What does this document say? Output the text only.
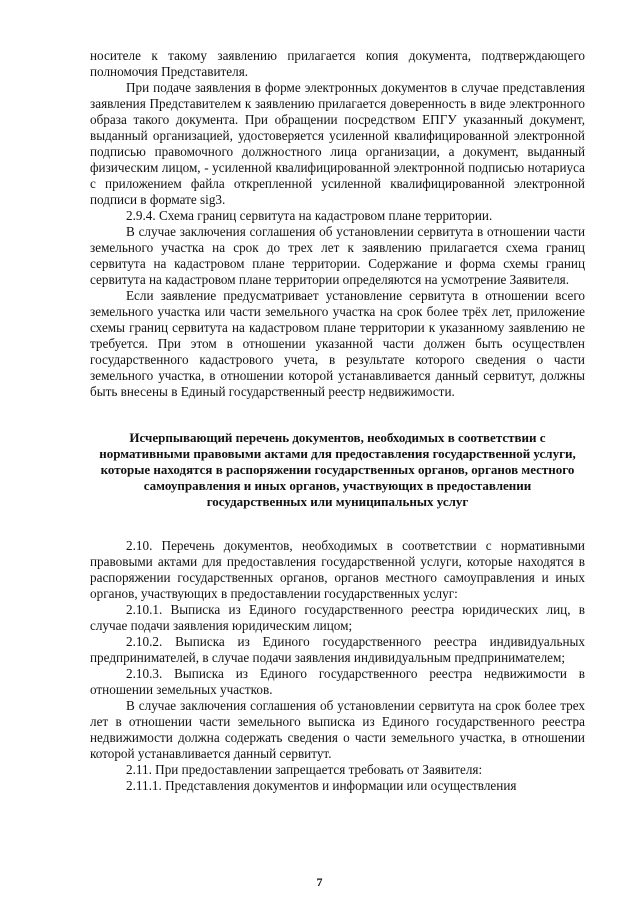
носителе к такому заявлению прилагается копия документа, подтверждающего полномочия Представителя.

При подаче заявления в форме электронных документов в случае представления заявления Представителем к заявлению прилагается доверенность в виде электронного образа такого документа. При обращении посредством ЕПГУ указанный документ, выданный организацией, удостоверяется усиленной квалифицированной электронной подписью правомочного должностного лица организации, а документ, выданный физическим лицом, - усиленной квалифицированной электронной подписью нотариуса с приложением файла открепленной усиленной квалифицированной электронной подписи в формате sig3.

2.9.4. Схема границ сервитута на кадастровом плане территории.

В случае заключения соглашения об установлении сервитута в отношении части земельного участка на срок до трех лет к заявлению прилагается схема границ сервитута на кадастровом плане территории. Содержание и форма схемы границ сервитута на кадастровом плане территории определяются на усмотрение Заявителя.

Если заявление предусматривает установление сервитута в отношении всего земельного участка или части земельного участка на срок более трёх лет, приложение схемы границ сервитута на кадастровом плане территории к указанному заявлению не требуется. При этом в отношении указанной части должен быть осуществлен государственного кадастрового учета, в результате которого сведения о части земельного участка, в отношении которой устанавливается данный сервитут, должны быть внесены в Единый государственный реестр недвижимости.

Исчерпывающий перечень документов, необходимых в соответствии с нормативными правовыми актами для предоставления государственной услуги, которые находятся в распоряжении государственных органов, органов местного самоуправления и иных органов, участвующих в предоставлении государственных или муниципальных услуг

2.10. Перечень документов, необходимых в соответствии с нормативными правовыми актами для предоставления государственной услуги, которые находятся в распоряжении государственных органов, органов местного самоуправления и иных органов, участвующих в предоставлении государственных услуг:

2.10.1. Выписка из Единого государственного реестра юридических лиц, в случае подачи заявления юридическим лицом;

2.10.2. Выписка из Единого государственного реестра индивидуальных предпринимателей, в случае подачи заявления индивидуальным предпринимателем;

2.10.3. Выписка из Единого государственного реестра недвижимости в отношении земельных участков.

В случае заключения соглашения об установлении сервитута на срок более трех лет в отношении части земельного выписка из Единого государственного реестра недвижимости должна содержать сведения о части земельного участка, в отношении которой устанавливается данный сервитут.

2.11. При предоставлении запрещается требовать от Заявителя:

2.11.1. Представления документов и информации или осуществления

7
